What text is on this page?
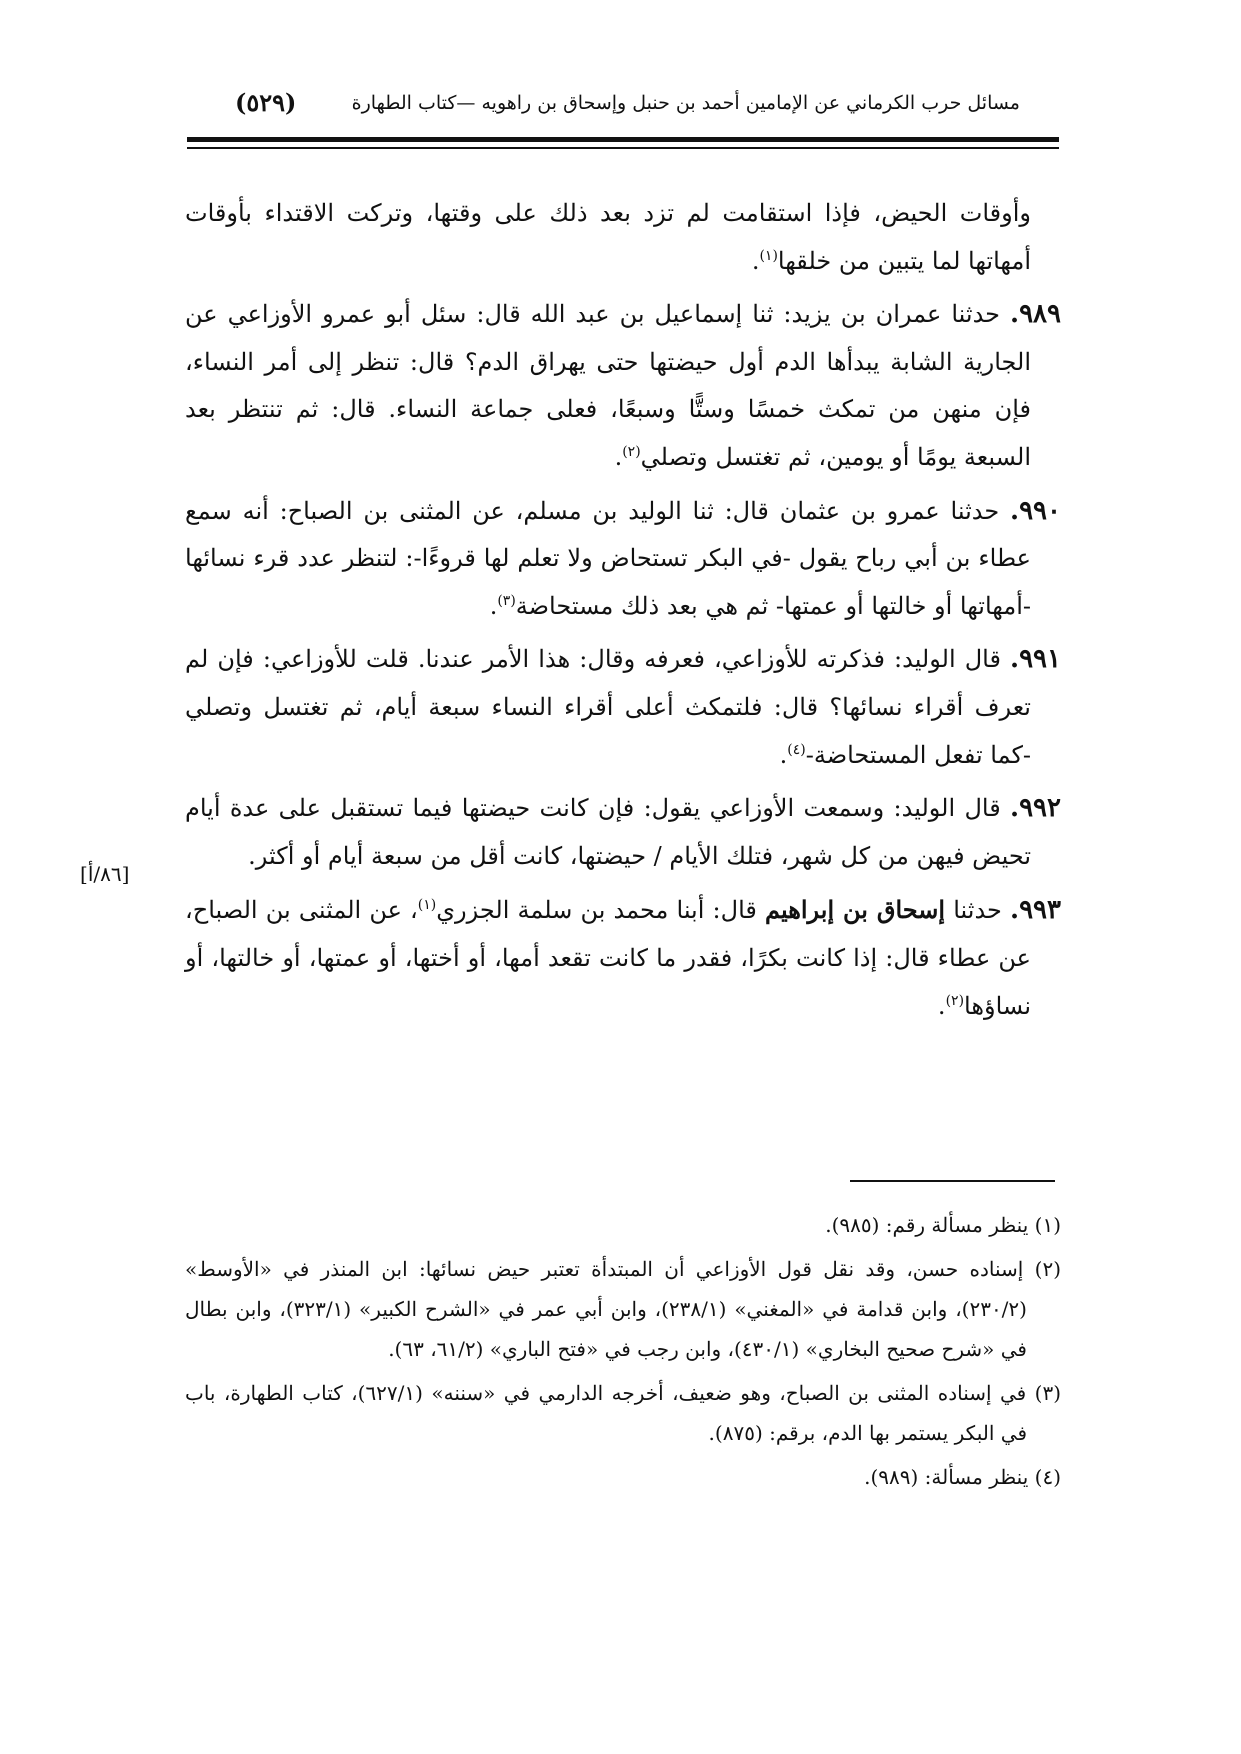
مسائل حرب الكرماني عن الإمامين أحمد بن حنبل وإسحاق بن راهويه —كتاب الطهارة
(٥٢٩)
[٨٦/أ]

وأوقات الحيض، فإذا استقامت لم تزد بعد ذلك على وقتها، وتركت الاقتداء بأوقات أمهاتها لما يتبين من خلقها$^{(١)}$.

٩٨٩. حدثنا عمران بن يزيد: ثنا إسماعيل بن عبد الله قال: سئل أبو عمرو الأوزاعي عن الجارية الشابة يبدأها الدم أول حيضتها حتى يهراق الدم؟ قال: تنظر إلى أمر النساء، فإن منهن من تمكث خمسًا وستًّا وسبعًا، فعلى جماعة النساء. قال: ثم تنتظر بعد السبعة يومًا أو يومين، ثم تغتسل وتصلي$^{(٢)}$.

٩٩٠. حدثنا عمرو بن عثمان قال: ثنا الوليد بن مسلم، عن المثنى بن الصباح: أنه سمع عطاء بن أبي رباح يقول -في البكر تستحاض ولا تعلم لها قروءًا-: لتنظر عدد قرء نسائها -أمهاتها أو خالتها أو عمتها- ثم هي بعد ذلك مستحاضة$^{(٣)}$.

٩٩١. قال الوليد: فذكرته للأوزاعي، فعرفه وقال: هذا الأمر عندنا. قلت للأوزاعي: فإن لم تعرف أقراء نسائها؟ قال: فلتمكث أعلى أقراء النساء سبعة أيام، ثم تغتسل وتصلي -كما تفعل المستحاضة-$^{(٤)}$.

٩٩٢. قال الوليد: وسمعت الأوزاعي يقول: فإن كانت حيضتها فيما تستقبل على عدة أيام تحيض فيهن من كل شهر، فتلك الأيام / حيضتها، كانت أقل من سبعة أيام أو أكثر.

٩٩٣. حدثنا إسحاق بن إبراهيم قال: أبنا محمد بن سلمة الجزري$^{(١)}$، عن المثنى بن الصباح، عن عطاء قال: إذا كانت بكرًا، فقدر ما كانت تقعد أمها، أو أختها، أو عمتها، أو خالتها، أو نساؤها$^{(٢)}$.

(١) ينظر مسألة رقم: (٩٨٥).

(٢) إسناده حسن، وقد نقل قول الأوزاعي أن المبتدأة تعتبر حيض نسائها: ابن المنذر في «الأوسط» (٢٣٠/٢)، وابن قدامة في «المغني» (٢٣٨/١)، وابن أبي عمر في «الشرح الكبير» (٣٢٣/١)، وابن بطال في «شرح صحيح البخاري» (٤٣٠/١)، وابن رجب في «فتح الباري» (٦١/٢، ٦٣).

(٣) في إسناده المثنى بن الصباح، وهو ضعيف، أخرجه الدارمي في «سننه» (٦٢٧/١)، كتاب الطهارة، باب في البكر يستمر بها الدم، برقم: (٨٧٥).

(٤) ينظر مسألة: (٩٨٩).
